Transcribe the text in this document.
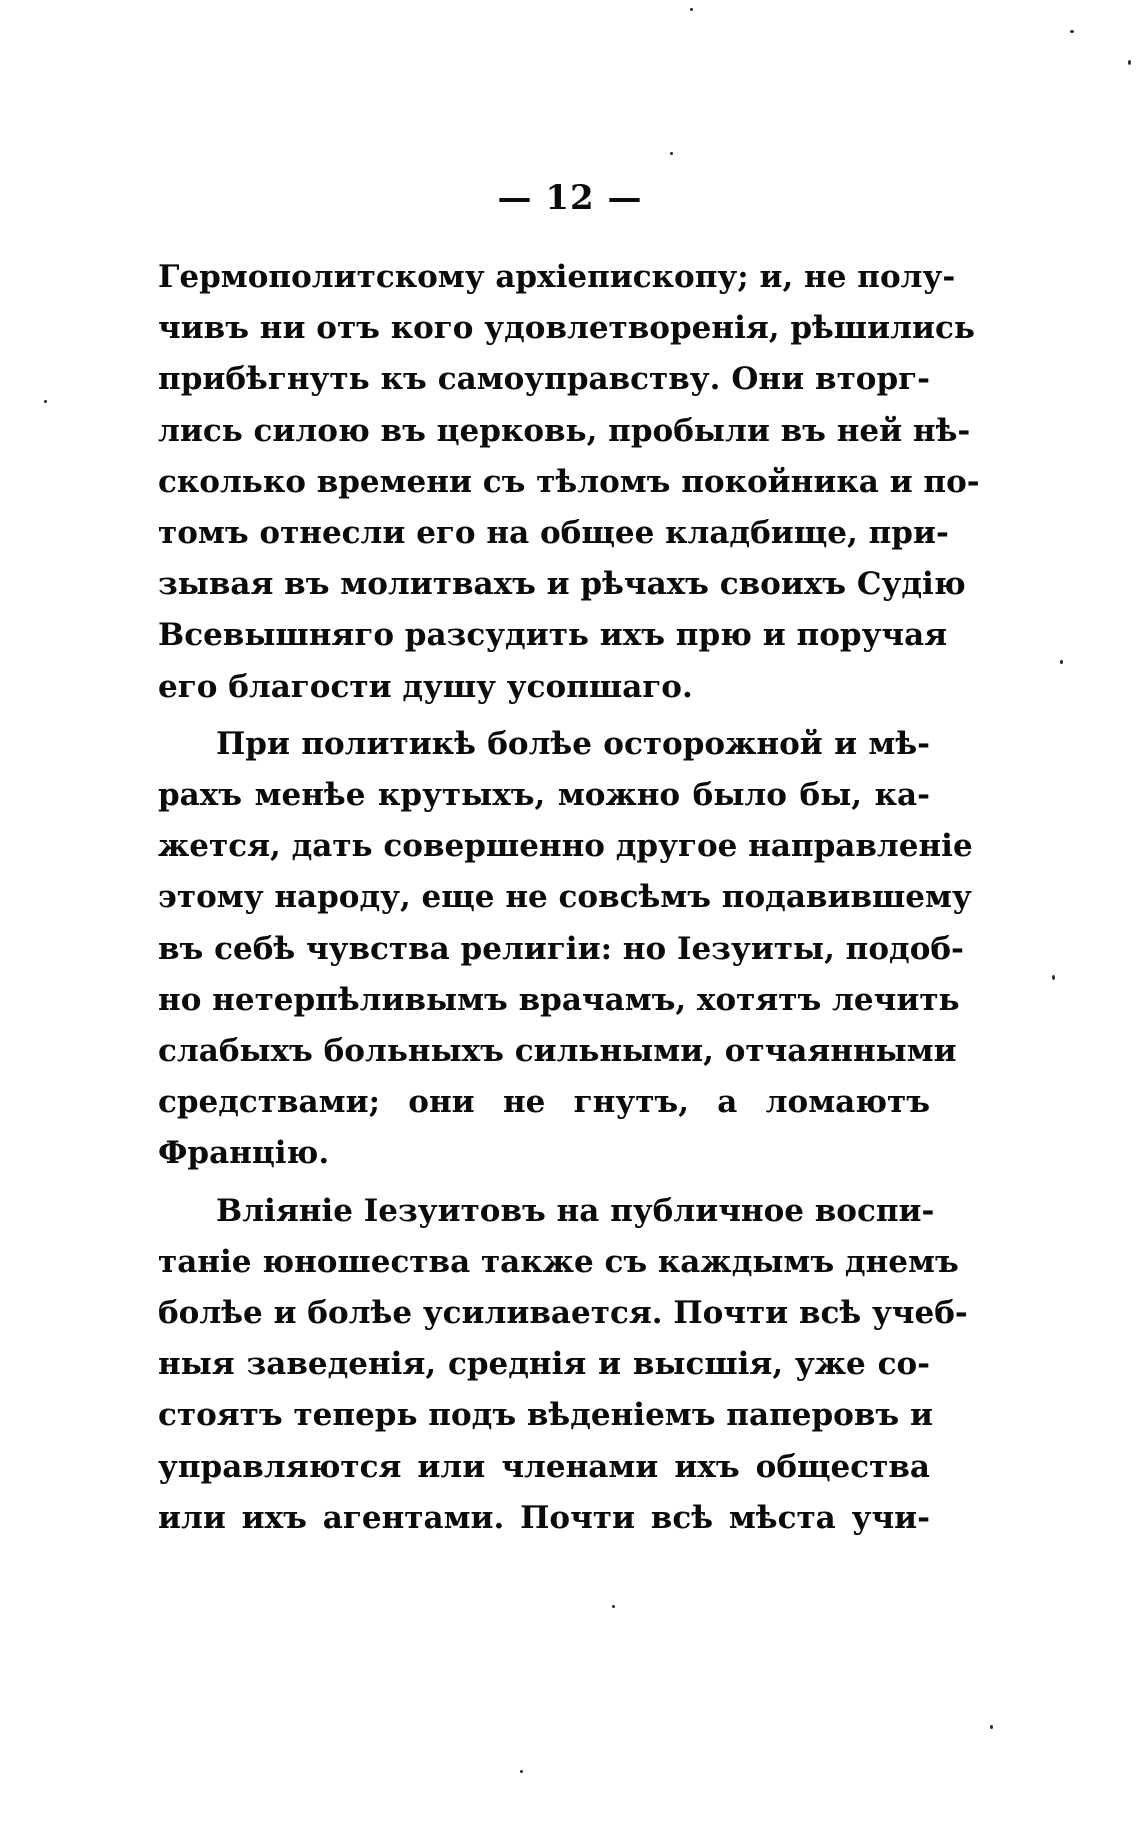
— 12 —
Гермополитскому архіепископу; и, не полу-
чивъ ни отъ кого удовлетворенія, рѣшились
прибѣгнуть къ самоуправству. Они вторг-
лись силою въ церковь, пробыли въ ней нѣ-
сколько времени съ тѣломъ покойника и по-
томъ отнесли его на общее кладбище, при-
зывая въ молитвахъ и рѣчахъ своихъ Судію
Всевышняго разсудить ихъ прю и поручая
его благости душу усопшаго.
При политикѣ болѣе осторожной и мѣ-
рахъ менѣе крутыхъ, можно было бы, ка-
жется, дать совершенно другое направленіе
этому народу, еще не совсѣмъ подавившему
въ себѣ чувства религіи: но Iезуиты, подоб-
но нетерпѣливымъ врачамъ, хотятъ лечить
слабыхъ больныхъ сильными, отчаянными
средствами; они не гнутъ, а ломаютъ
Францію.
Вліяніе Iезуитовъ на публичное воспи-
таніе юношества также съ каждымъ днемъ
болѣе и болѣе усиливается. Почти всѣ учеб-
ныя заведенія, среднія и высшія, уже со-
стоятъ теперь подъ вѣденіемъ паперовъ и
управляются или членами ихъ общества
или ихъ агентами. Почти всѣ мѣста учи-
